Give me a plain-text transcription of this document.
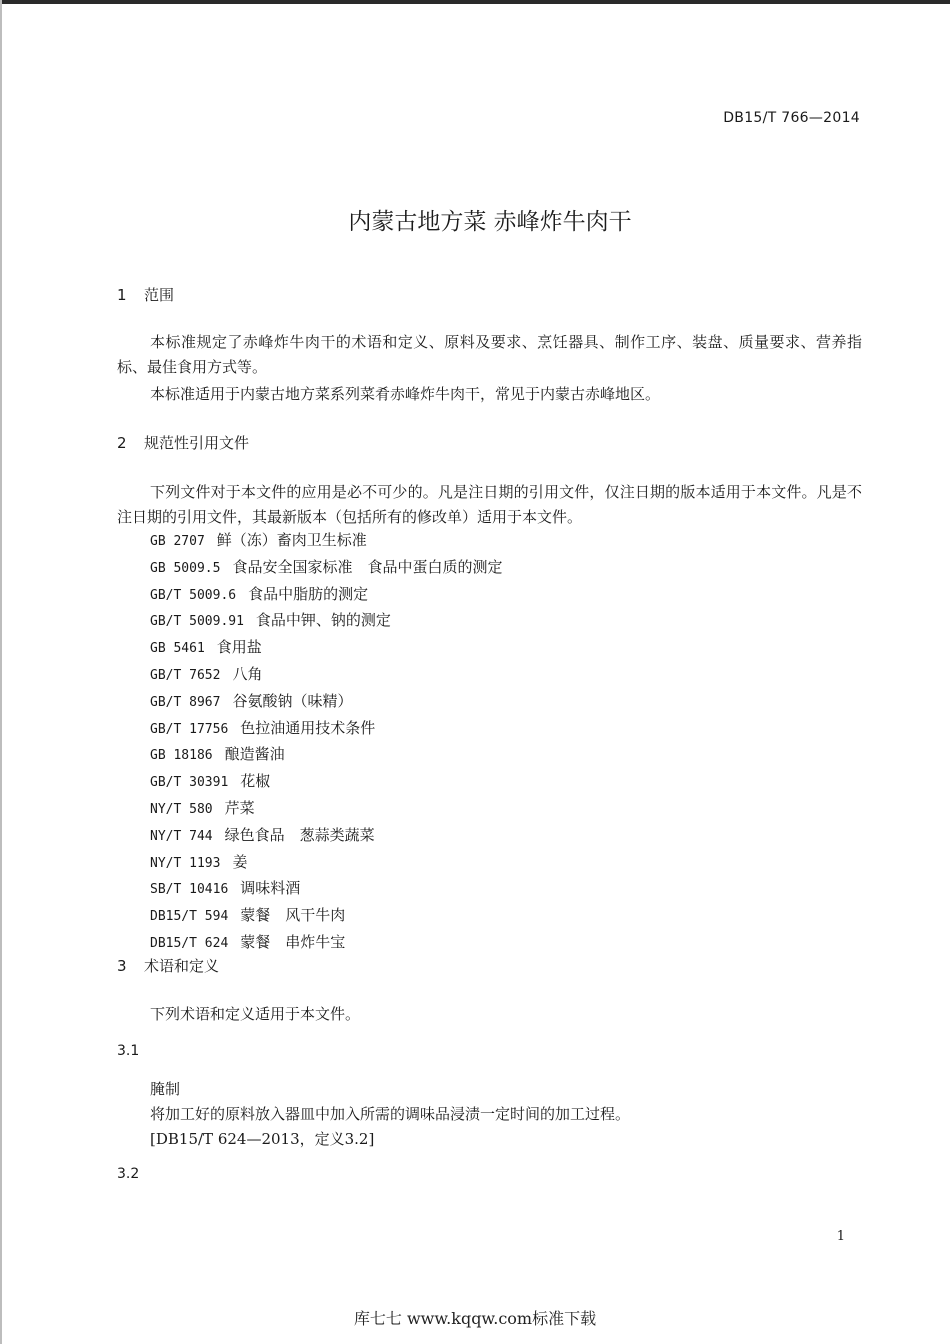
DB15/T 766—2014
内蒙古地方菜 赤峰炸牛肉干
1 范围
本标准规定了赤峰炸牛肉干的术语和定义、原料及要求、烹饪器具、制作工序、装盘、质量要求、营养指标、最佳食用方式等。
本标准适用于内蒙古地方菜系列菜肴赤峰炸牛肉干，常见于内蒙古赤峰地区。
2 规范性引用文件
下列文件对于本文件的应用是必不可少的。凡是注日期的引用文件，仅注日期的版本适用于本文件。凡是不注日期的引用文件，其最新版本（包括所有的修改单）适用于本文件。
GB 2707 鲜（冻）畜肉卫生标准
GB 5009.5 食品安全国家标准　食品中蛋白质的测定
GB/T 5009.6 食品中脂肪的测定
GB/T 5009.91 食品中钾、钠的测定
GB 5461 食用盐
GB/T 7652 八角
GB/T 8967 谷氨酸钠（味精）
GB/T 17756 色拉油通用技术条件
GB 18186 酿造酱油
GB/T 30391 花椒
NY/T 580 芹菜
NY/T 744 绿色食品　葱蒜类蔬菜
NY/T 1193 姜
SB/T 10416 调味料酒
DB15/T 594 蒙餐　风干牛肉
DB15/T 624 蒙餐　串炸牛宝
3 术语和定义
下列术语和定义适用于本文件。
3.1
腌制
将加工好的原料放入器皿中加入所需的调味品浸渍一定时间的加工过程。
[DB15/T 624—2013，定义3.2]
3.2
1
库七七 www.kqqw.com标准下载
